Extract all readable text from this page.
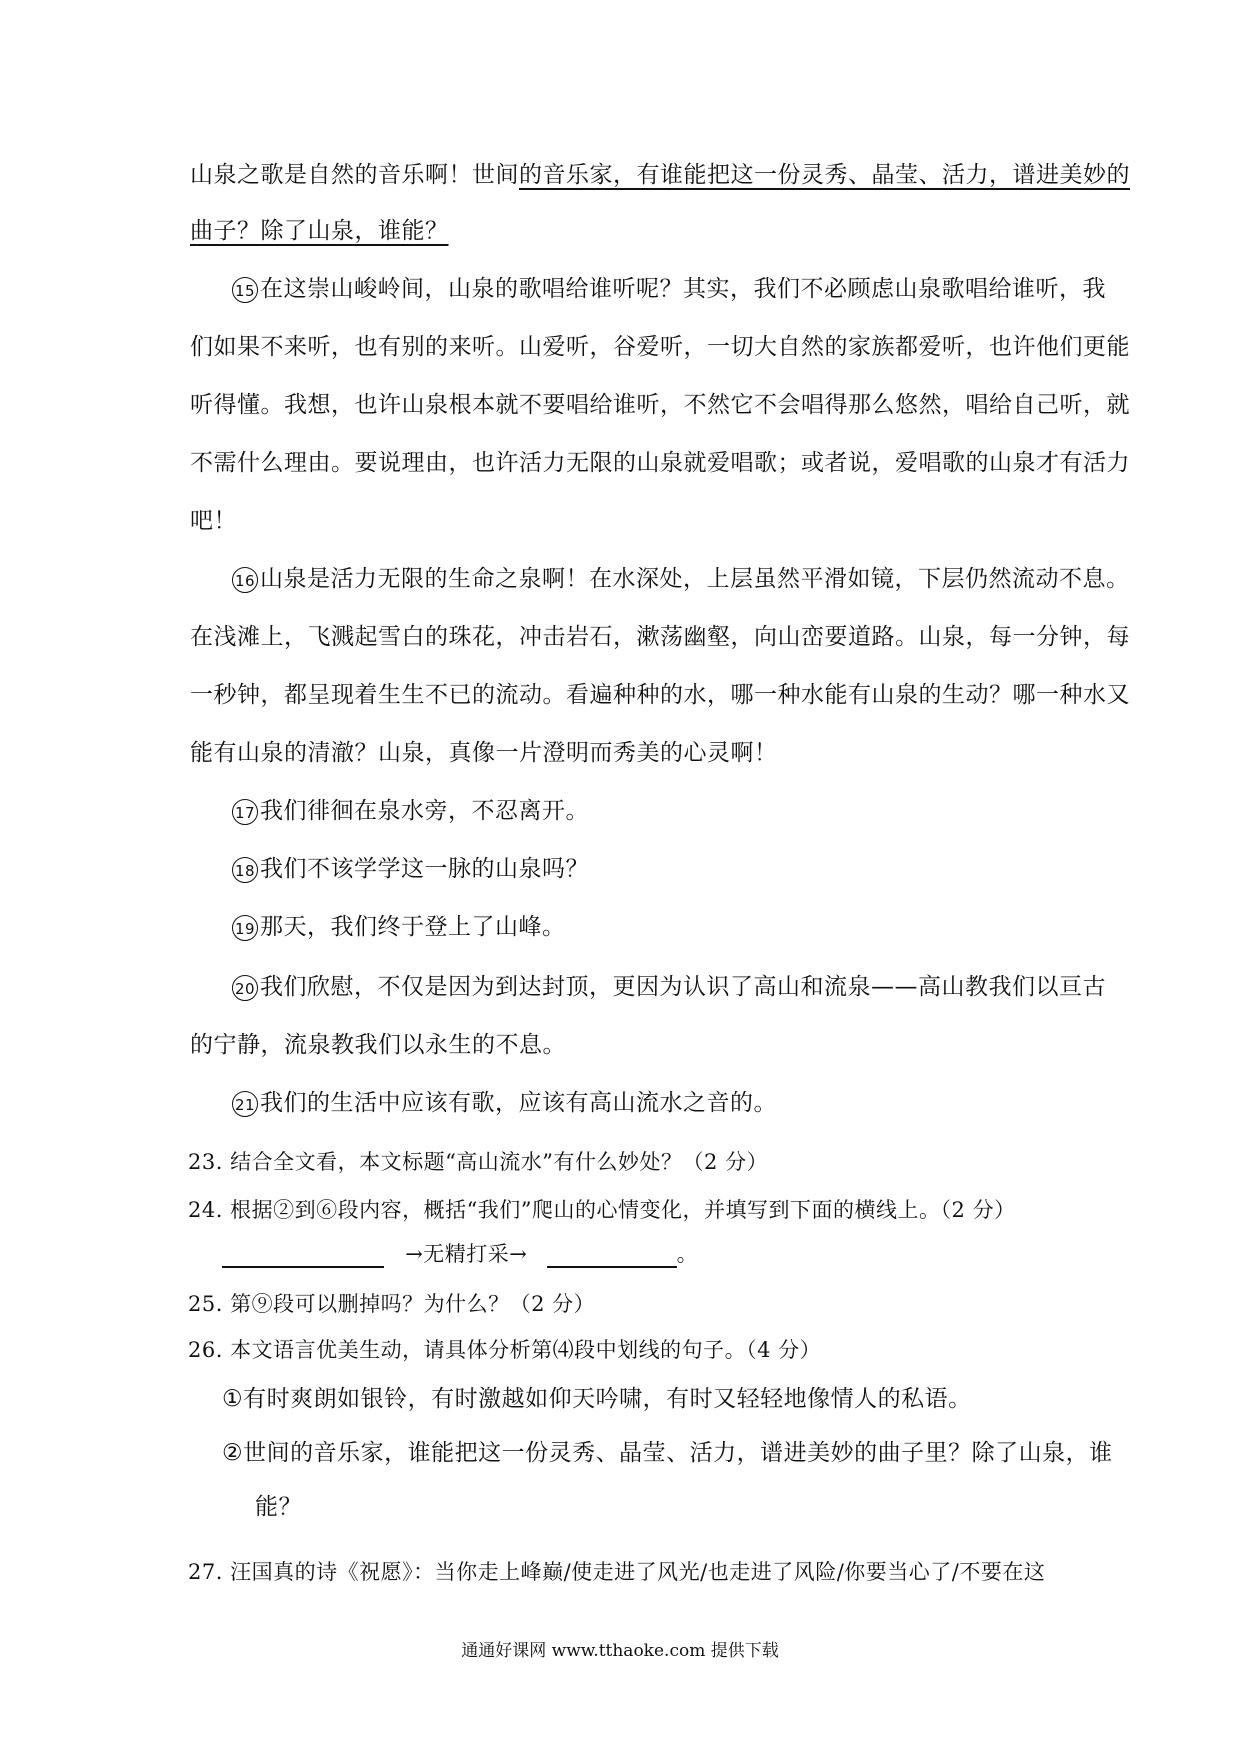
山泉之歌是自然的音乐啊！世间的音乐家，有谁能把这一份灵秀、晶莹、活力，谱进美妙的
曲子？除了山泉，谁能？
15 在这崇山峻岭间，山泉的歌唱给谁听呢？其实，我们不必顾虑山泉歌唱给谁听，我
们如果不来听，也有别的来听。山爱听，谷爱听，一切大自然的家族都爱听，也许他们更能
听得懂。我想，也许山泉根本就不要唱给谁听，不然它不会唱得那么悠然，唱给自己听，就
不需什么理由。要说理由，也许活力无限的山泉就爱唱歌；或者说，爱唱歌的山泉才有活力
吧！
16 山泉是活力无限的生命之泉啊！在水深处，上层虽然平滑如镜，下层仍然流动不息。
在浅滩上，飞溅起雪白的珠花，冲击岩石，漱荡幽壑，向山峦要道路。山泉，每一分钟，每
一秒钟，都呈现着生生不已的流动。看遍种种的水，哪一种水能有山泉的生动？哪一种水又
能有山泉的清澈？山泉，真像一片澄明而秀美的心灵啊！
17 我们徘徊在泉水旁，不忍离开。
18 我们不该学学这一脉的山泉吗？
19 那天，我们终于登上了山峰。
20 我们欣慰，不仅是因为到达封顶，更因为认识了高山和流泉——高山教我们以亘古
的宁静，流泉教我们以永生的不息。
21 我们的生活中应该有歌，应该有高山流水之音的。
23. 结合全文看，本文标题“高山流水”有什么妙处？（2 分）
24. 根据②到⑥段内容，概括“我们”爬山的心情变化，并填写到下面的横线上。（2 分）
→无精打采→	。
25. 第⑨段可以删掉吗？为什么？（2 分）
26. 本文语言优美生动，请具体分析第⑷段中划线的句子。（4 分）
①有时爽朗如银铃，有时激越如仰天吟啸，有时又轻轻地像情人的私语。
②世间的音乐家，谁能把这一份灵秀、晶莹、活力，谱进美妙的曲子里？除了山泉，谁
能？
27. 汪国真的诗《祝愿》：当你走上峰巅/使走进了风光/也走进了风险/你要当心了/不要在这
通通好课网 www.tthaoke.com 提供下载
